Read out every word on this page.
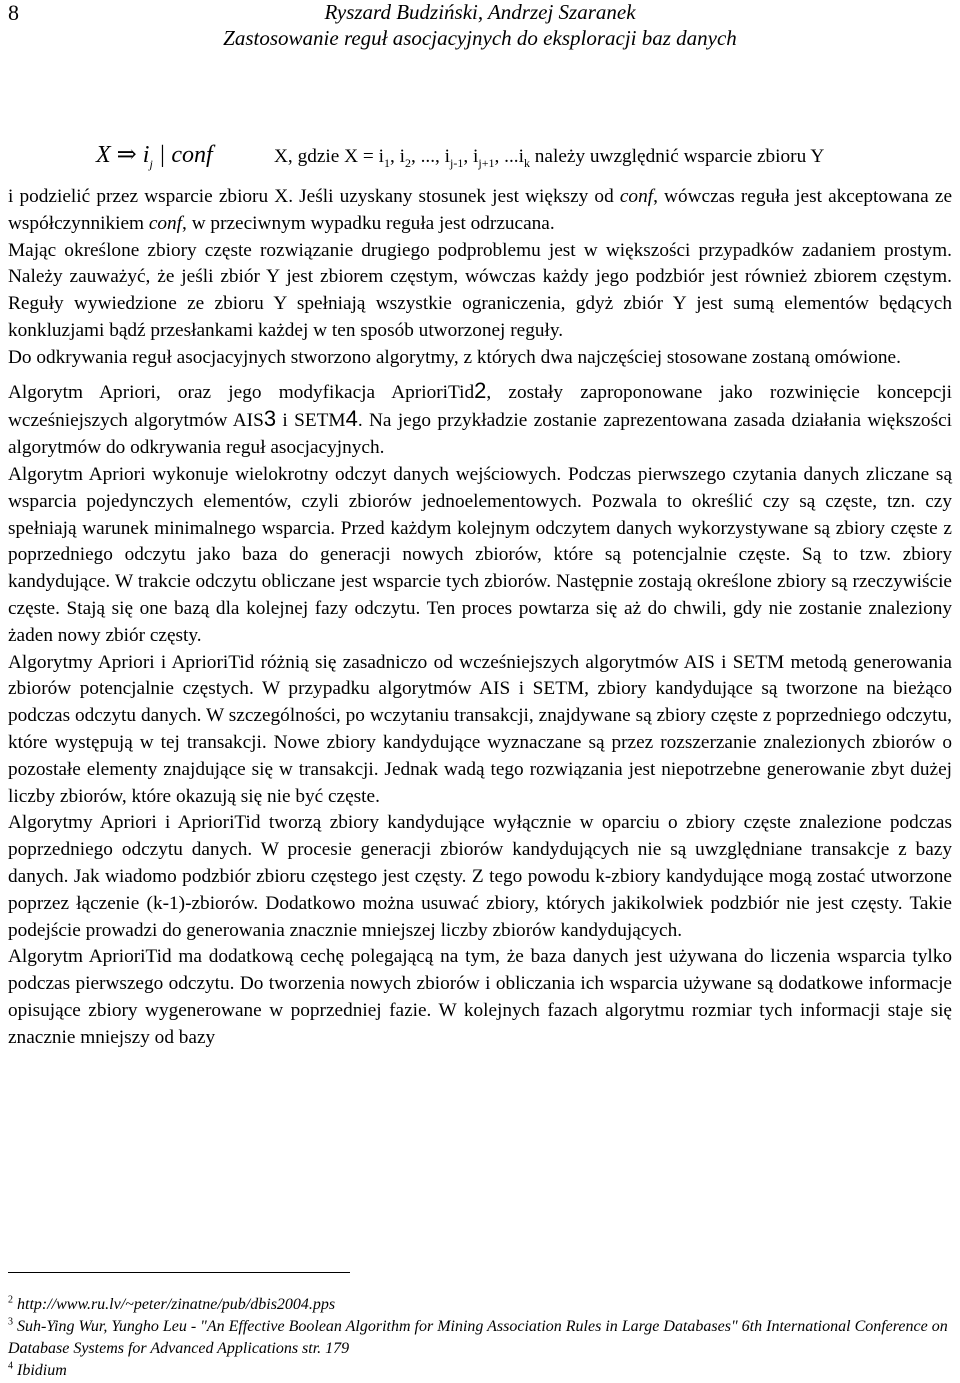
8	Ryszard Budziński, Andrzej Szaranek
Zastosowanie reguł asocjacyjnych do eksploracji baz danych
X ⇒ $i_j$ | conf	X, gdzie $X = i_1$, $i_2$, ..., $i_{j-1}$, $i_{j+1}$, $...i_k$ należy uwzględnić wsparcie zbioru Y

i podzielić przez wsparcie zbioru X. Jeśli uzyskany stosunek jest większy od conf, wówczas reguła jest akceptowana ze współczynnikiem conf, w przeciwnym wypadku reguła jest odrzucana.

Mając określone zbiory częste rozwiązanie drugiego podproblemu jest w większości przypadków zadaniem prostym. Należy zauważyć, że jeśli zbiór Y jest zbiorem częstym, wówczas każdy jego podzbiór jest również zbiorem częstym. Reguły wywiedzione ze zbioru Y spełniają wszystkie ograniczenia, gdyż zbiór Y jest sumą elementów będących konkluzjami bądź przesłankami każdej w ten sposób utworzonej reguły.

Do odkrywania reguł asocjacyjnych stworzono algorytmy, z których dwa najczęściej stosowane zostaną omówione.

Algorytm Apriori, oraz jego modyfikacja AprioriTid2, zostały zaproponowane jako rozwinięcie koncepcji wcześniejszych algorytmów AIS3 i SETM4. Na jego przykładzie zostanie zaprezentowana zasada działania większości algorytmów do odkrywania reguł asocjacyjnych.

Algorytm Apriori wykonuje wielokrotny odczyt danych wejściowych. Podczas pierwszego czytania danych zliczane są wsparcia pojedynczych elementów, czyli zbiorów jednoelementowych. Pozwala to określić czy są częste, tzn. czy spełniają warunek minimalnego wsparcia. Przed każdym kolejnym odczytem danych wykorzystywane są zbiory częste z poprzedniego odczytu jako baza do generacji nowych zbiorów, które są potencjalnie częste. Są to tzw. zbiory kandydujące. W trakcie odczytu obliczane jest wsparcie tych zbiorów. Następnie zostają określone zbiory są rzeczywiście częste. Stają się one bazą dla kolejnej fazy odczytu. Ten proces powtarza się aż do chwili, gdy nie zostanie znaleziony żaden nowy zbiór częsty.

Algorytmy Apriori i AprioriTid różnią się zasadniczo od wcześniejszych algorytmów AIS i SETM metodą generowania zbiorów potencjalnie częstych. W przypadku algorytmów AIS i SETM, zbiory kandydujące są tworzone na bieżąco podczas odczytu danych. W szczególności, po wczytaniu transakcji, znajdywane są zbiory częste z poprzedniego odczytu, które występują w tej transakcji. Nowe zbiory kandydujące wyznaczane są przez rozszerzanie znalezionych zbiorów o pozostałe elementy znajdujące się w transakcji. Jednak wadą tego rozwiązania jest niepotrzebne generowanie zbyt dużej liczby zbiorów, które okazują się nie być częste.

Algorytmy Apriori i AprioriTid tworzą zbiory kandydujące wyłącznie w oparciu o zbiory częste znalezione podczas poprzedniego odczytu danych. W procesie generacji zbiorów kandydujących nie są uwzględniane transakcje z bazy danych. Jak wiadomo podzbiór zbioru częstego jest częsty. Z tego powodu k-zbiory kandydujące mogą zostać utworzone poprzez łączenie (k-1)-zbiorów. Dodatkowo można usuwać zbiory, których jakikolwiek podzbiór nie jest częsty. Takie podejście prowadzi do generowania znacznie mniejszej liczby zbiorów kandydujących.

Algorytm AprioriTid ma dodatkową cechę polegającą na tym, że baza danych jest używana do liczenia wsparcia tylko podczas pierwszego odczytu. Do tworzenia nowych zbiorów i obliczania ich wsparcia używane są dodatkowe informacje opisujące zbiory wygenerowane w poprzedniej fazie. W kolejnych fazach algorytmu rozmiar tych informacji staje się znacznie mniejszy od bazy

$^2$ http://www.ru.lv/~peter/zinatne/pub/dbis2004.pps

$^3$ Suh-Ying Wur, Yungho Leu - "An Effective Boolean Algorithm for Mining Association Rules in Large Databases" 6th International Conference on Database Systems for Advanced Applications str. 179

$^4$ Ibidium
